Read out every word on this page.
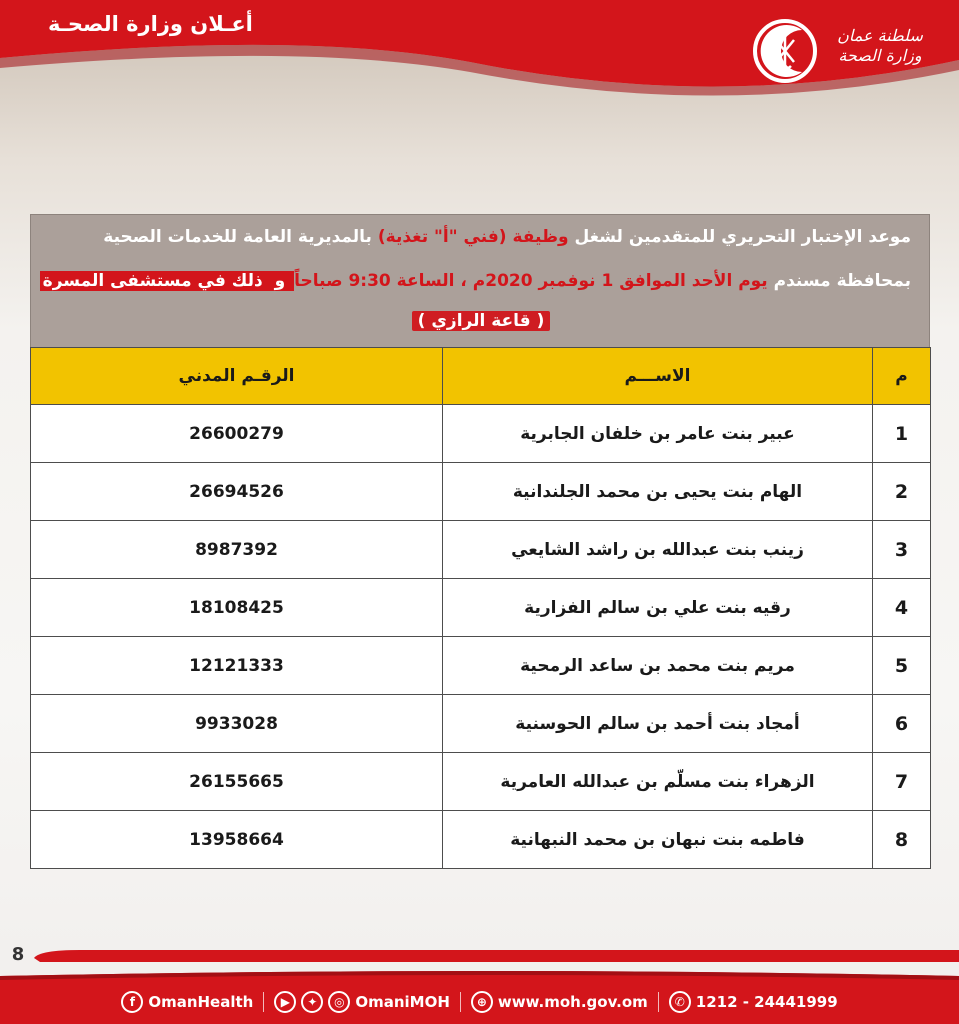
أعـلان وزارة الصحـة	سلطنة عمان
وزارة الصحة
موعد الإختبار التحريري للمتقدمين لشغل وظيفة (فني "أ" تغذية) بالمديرية العامة للخدمات الصحية
بمحافظة مسندم يوم الأحد الموافق 1 نوفمبر 2020م ، الساعة 9:30 صباحاً و ذلك في مستشفى المسرة
( قاعة الرازي )
م	الاســـم	الرقـم المدني
1	عبير بنت عامر بن خلفان الجابرية	26600279
2	الهام بنت يحيى بن محمد الجلندانية	26694526
3	زينب بنت عبدالله بن راشد الشايعي	8987392
4	رقيه بنت علي بن سالم الفزارية	18108425
5	مريم بنت محمد بن ساعد الرمحية	12121333
6	أمجاد بنت أحمد بن سالم الحوسنية	9933028
7	الزهراء بنت مسلّم بن عبدالله العامرية	26155665
8	فاطمه بنت نبهان بن محمد النبهانية	13958664
8
f OmanHealth	▶	✦	◎ OmaniMOH	⊕ www.moh.gov.om	✆ 1212 - 24441999
